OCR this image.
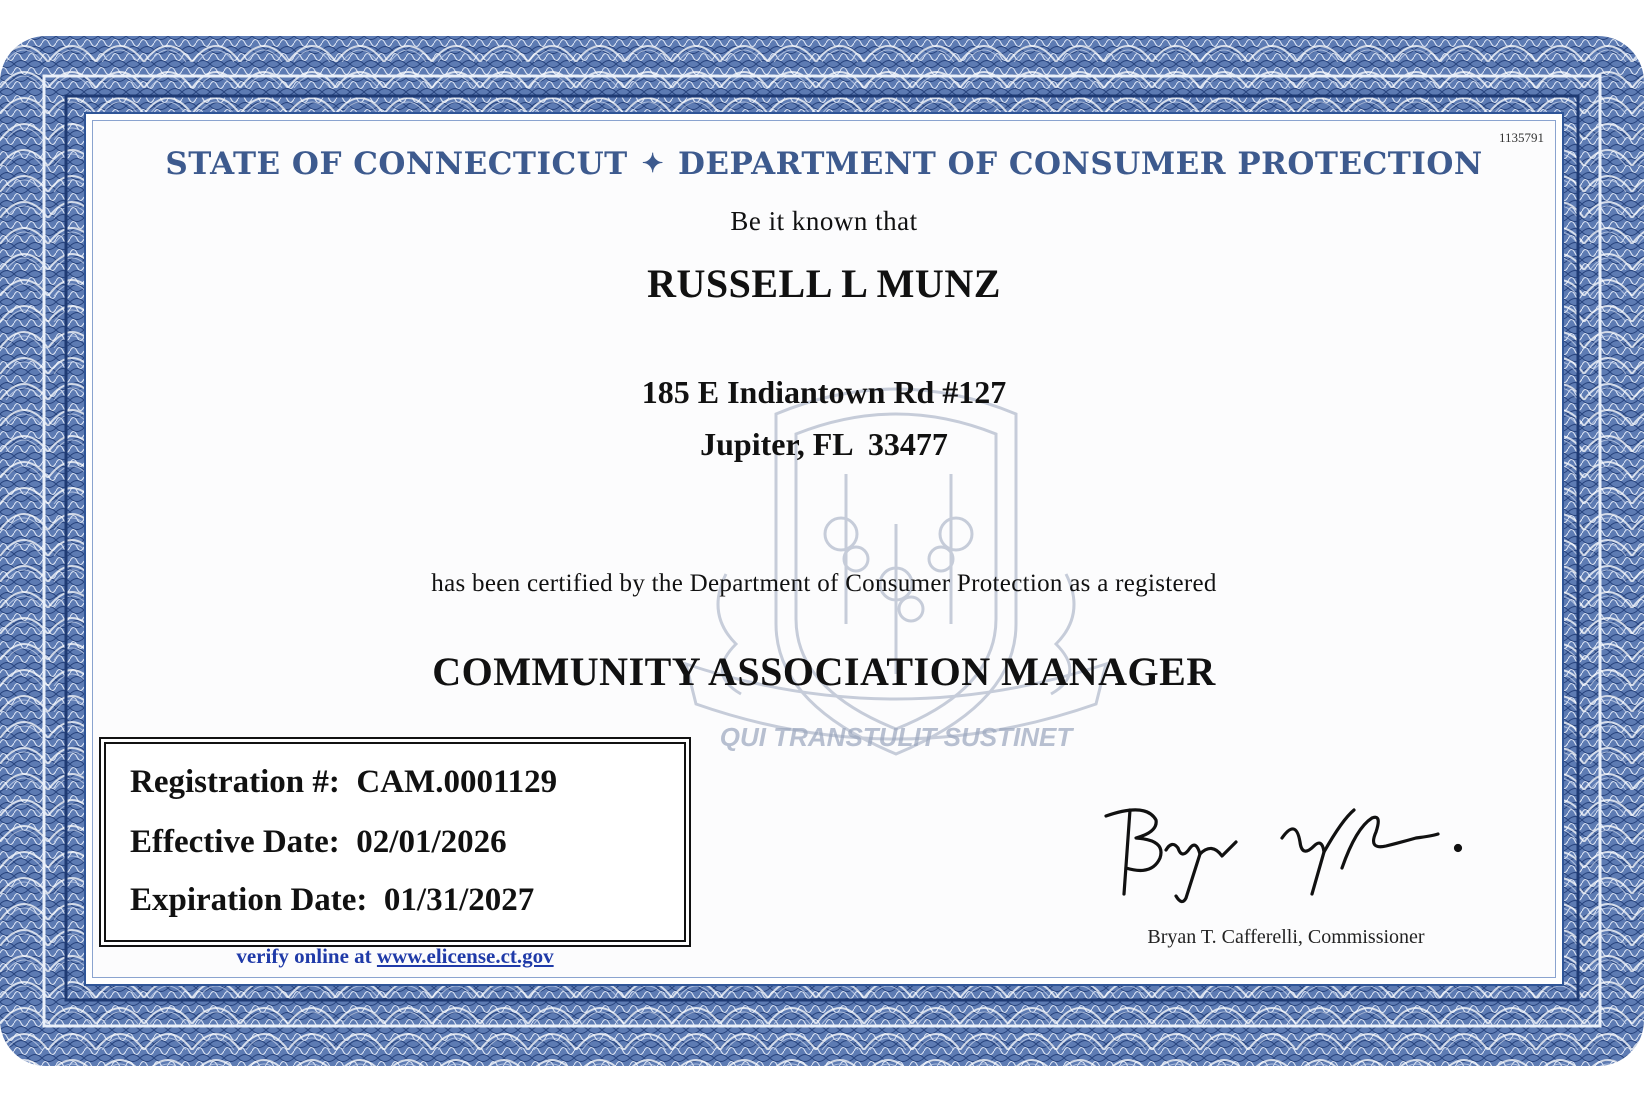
QUI TRANSTULIT SUSTINET
1135791
STATE OF CONNECTICUT ✦ DEPARTMENT OF CONSUMER PROTECTION
Be it known that
RUSSELL L MUNZ
185 E Indiantown Rd #127
Jupiter, FL  33477
has been certified by the Department of Consumer Protection as a registered
COMMUNITY ASSOCIATION MANAGER
Registration #: CAM.0001129
Effective Date: 02/01/2026
Expiration Date: 01/31/2027
verify online at www.elicense.ct.gov
Bryan T. Cafferelli, Commissioner
